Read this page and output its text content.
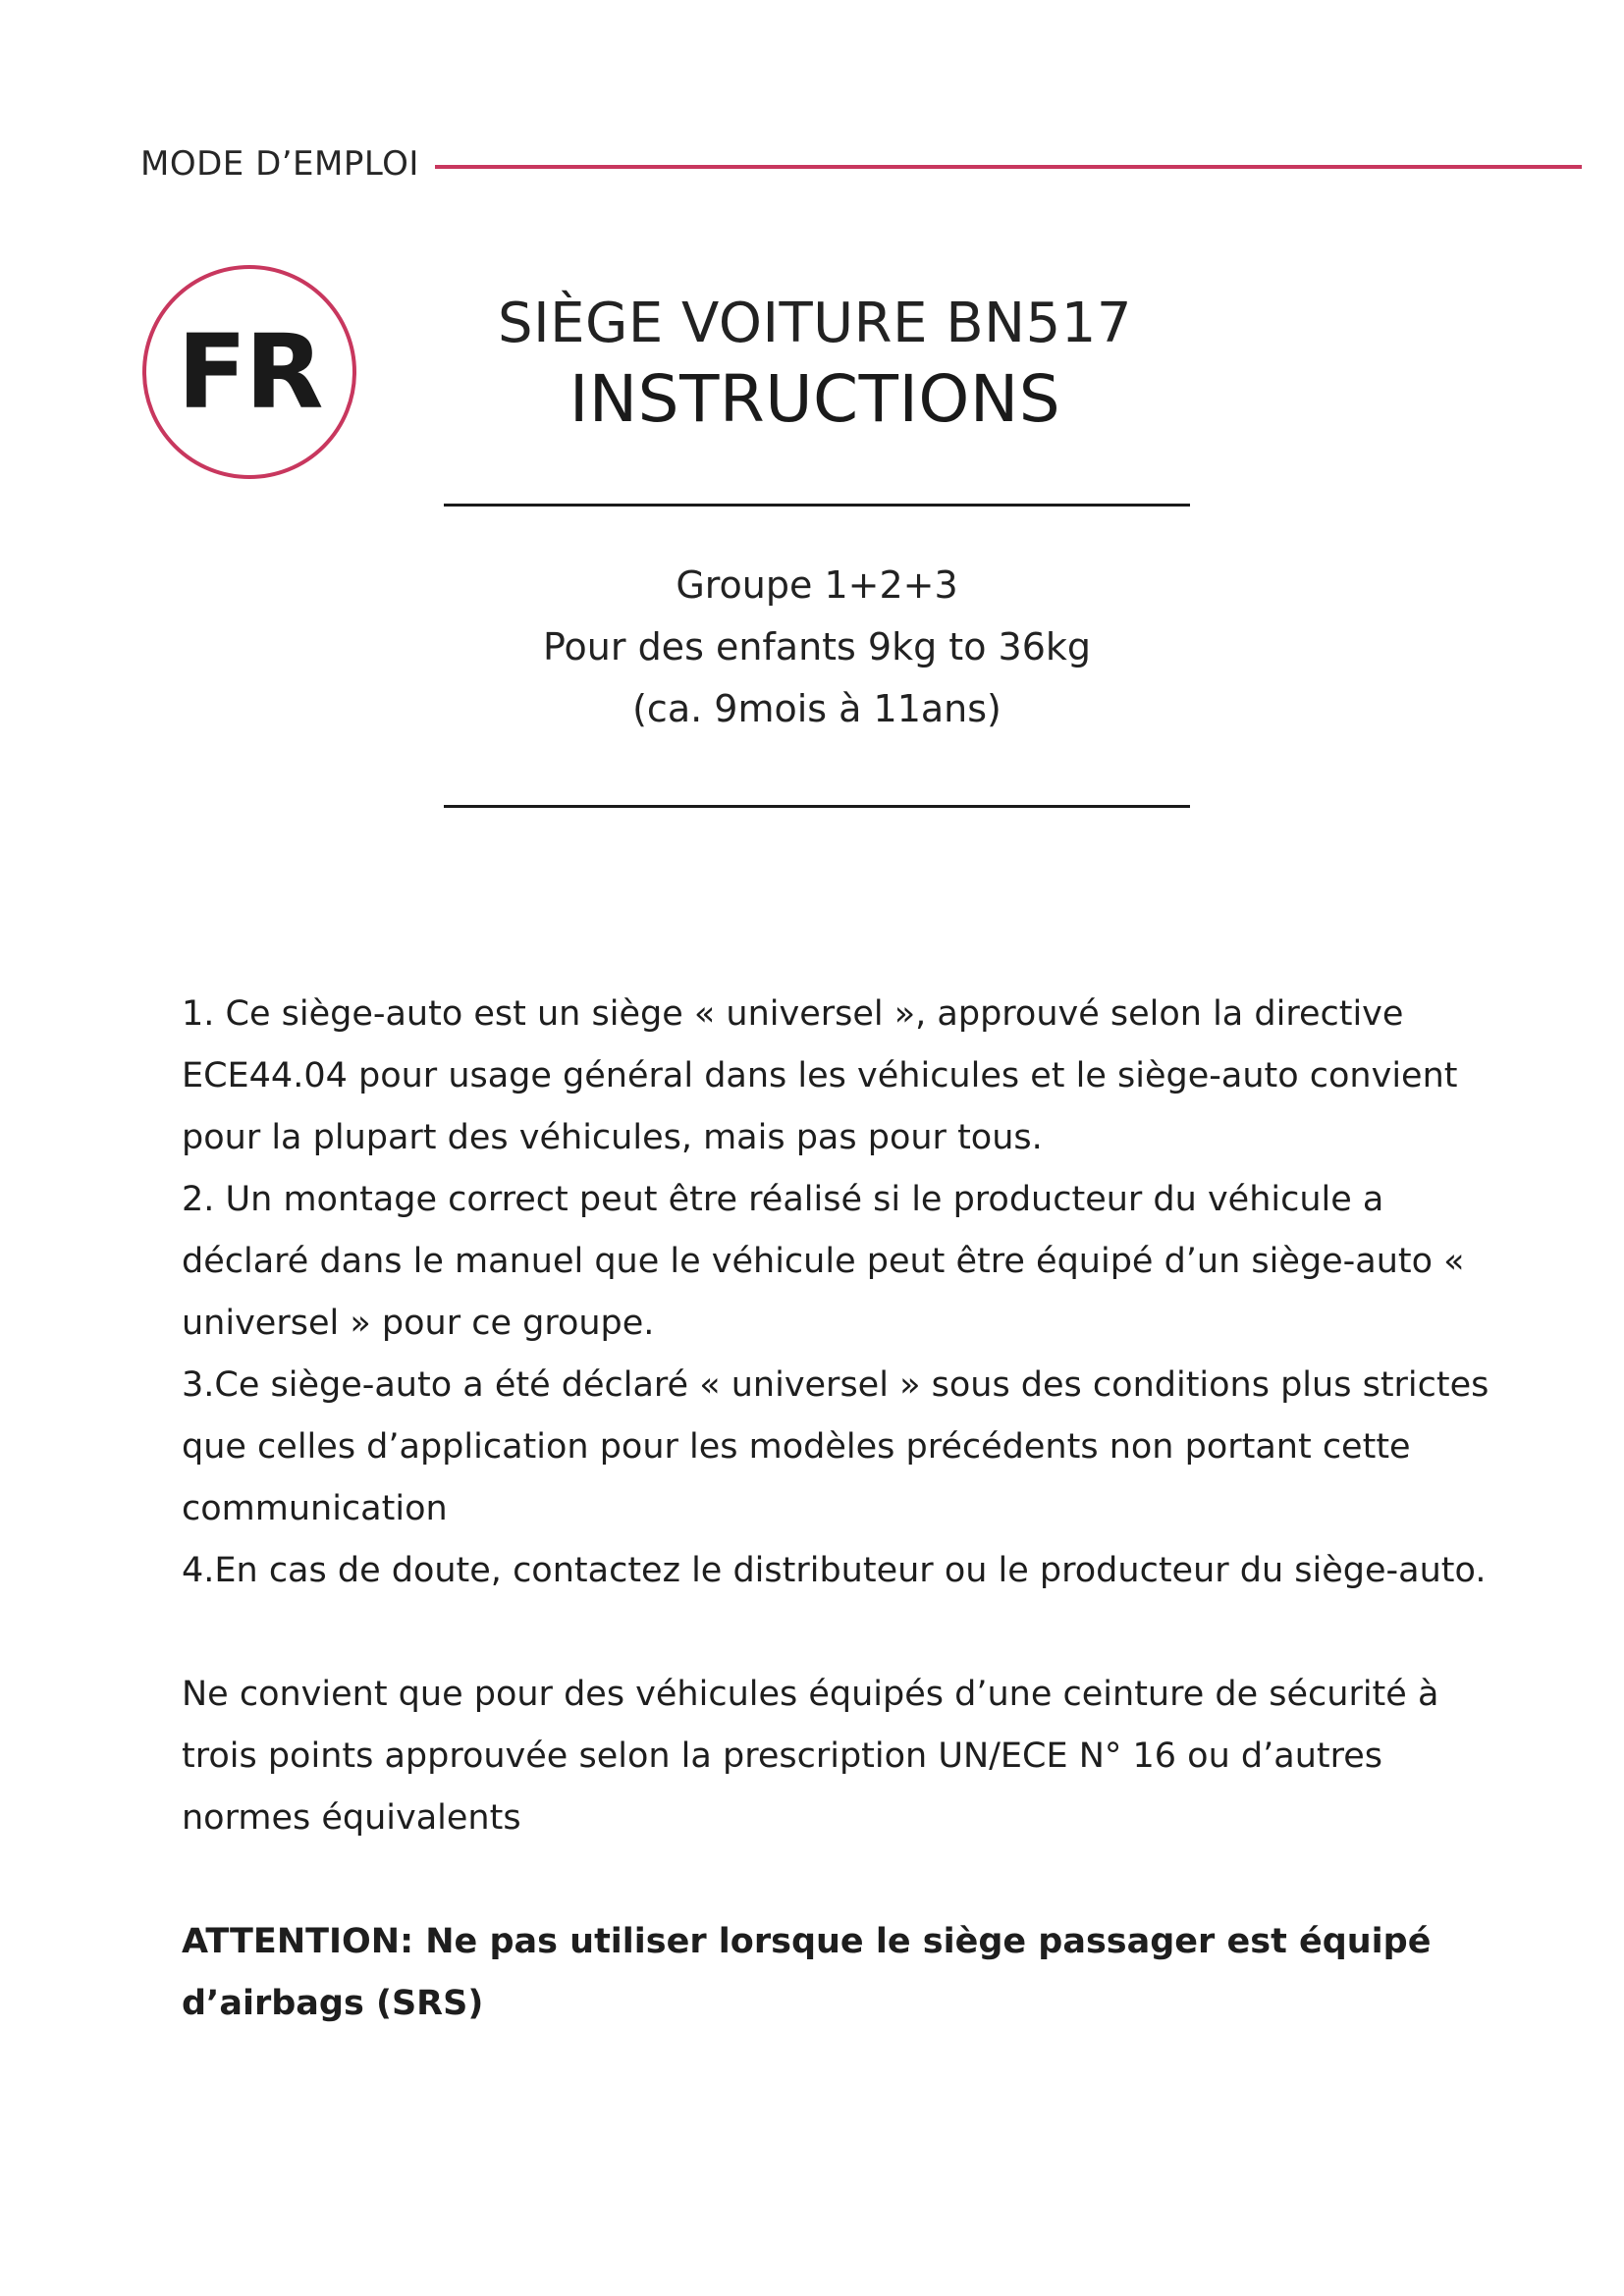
MODE D’EMPLOI
FR	SIÈGE VOITURE BN517
INSTRUCTIONS
Groupe 1+2+3
Pour des enfants 9kg to 36kg
(ca. 9mois à 11ans)

1. Ce siège-auto est un siège « universel », approuvé selon la directive ECE44.04 pour usage général dans les véhicules et le siège-auto convient pour la plupart des véhicules, mais pas pour tous.

2. Un montage correct peut être réalisé si le producteur du véhicule a déclaré dans le manuel que le véhicule peut être équipé d’un siège-auto « universel » pour ce groupe.

3.Ce siège-auto a été déclaré « universel » sous des conditions plus strictes que celles d’application pour les modèles précédents non portant cette communication

4.En cas de doute, contactez le distributeur ou le producteur du siège-auto.

Ne convient que pour des véhicules équipés d’une ceinture de sécurité à trois points approuvée selon la prescription UN/ECE N° 16 ou d’autres normes équivalents

ATTENTION: Ne pas utiliser lorsque le siège passager est équipé d’airbags (SRS)
